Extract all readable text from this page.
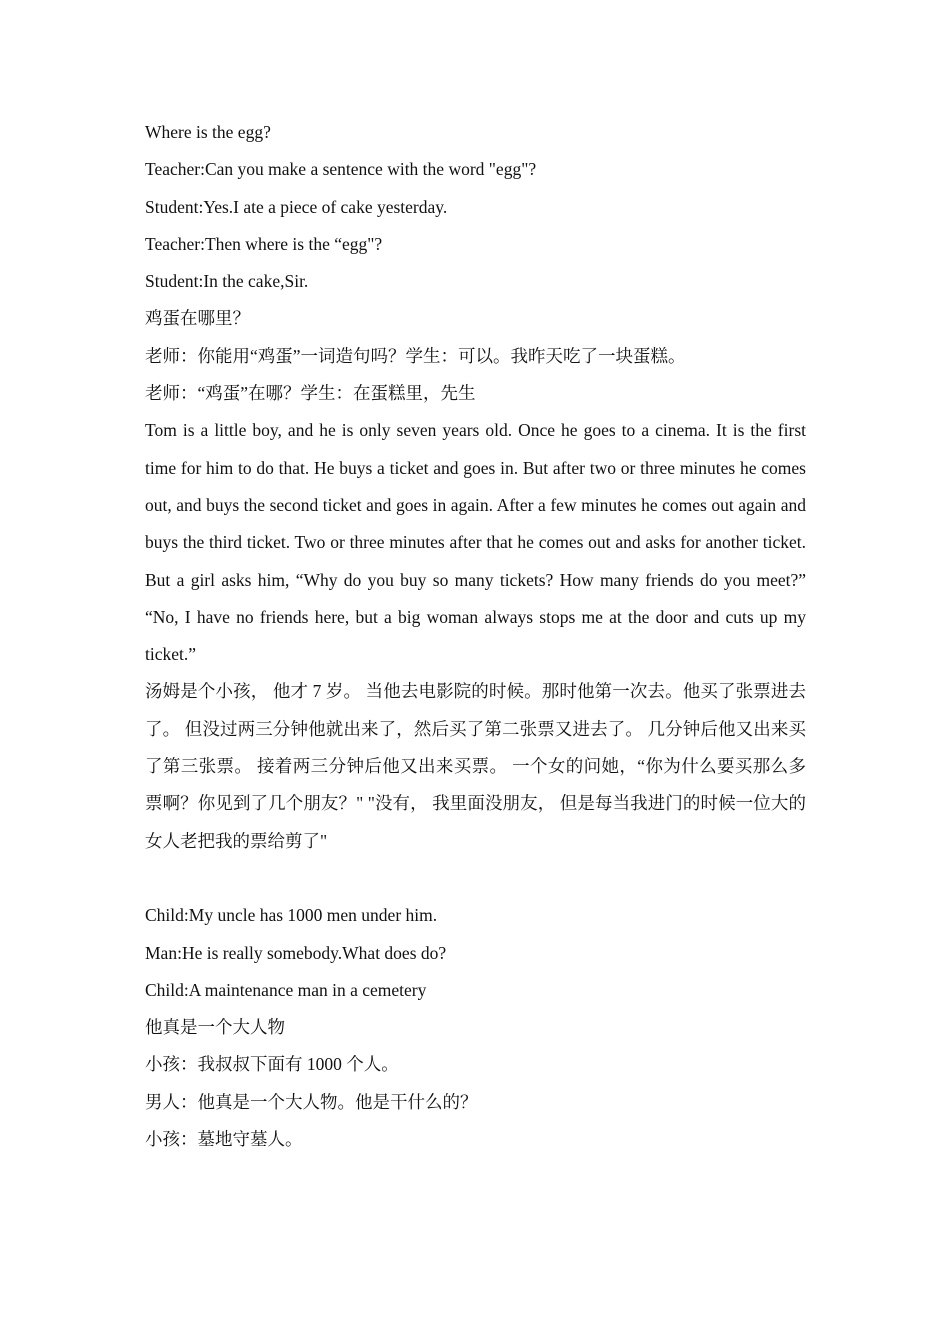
Where is the egg?

Teacher:Can you make a sentence with the word "egg"?

Student:Yes.I ate a piece of cake yesterday.

Teacher:Then where is the “egg"?

Student:In the cake,Sir.

鸡蛋在哪里？

老师：你能用“鸡蛋”一词造句吗？学生：可以。我昨天吃了一块蛋糕。

老师：“鸡蛋”在哪？学生：在蛋糕里，先生

Tom is a little boy, and he is only seven years old. Once he goes to a cinema. It is the first time for him to do that. He buys a ticket and goes in. But after two or three minutes he comes out, and buys the second ticket and goes in again. After a few minutes he comes out again and buys the third ticket. Two or three minutes after that he comes out and asks for another ticket. But a girl asks him, “Why do you buy so many tickets? How many friends do you meet?” “No, I have no friends here, but a big woman always stops me at the door and cuts up my ticket.”

汤姆是个小孩， 他才 7 岁。 当他去电影院的时候。那时他第一次去。他买了张票进去了。 但没过两三分钟他就出来了，然后买了第二张票又进去了。 几分钟后他又出来买了第三张票。 接着两三分钟后他又出来买票。 一个女的问她，“你为什么要买那么多票啊？你见到了几个朋友？" "没有， 我里面没朋友， 但是每当我进门的时候一位大的女人老把我的票给剪了"

Child:My uncle has 1000 men under him.

Man:He is really somebody.What does do?

Child:A maintenance man in a cemetery

他真是一个大人物

小孩：我叔叔下面有 1000 个人。

男人：他真是一个大人物。他是干什么的？

小孩：墓地守墓人。
